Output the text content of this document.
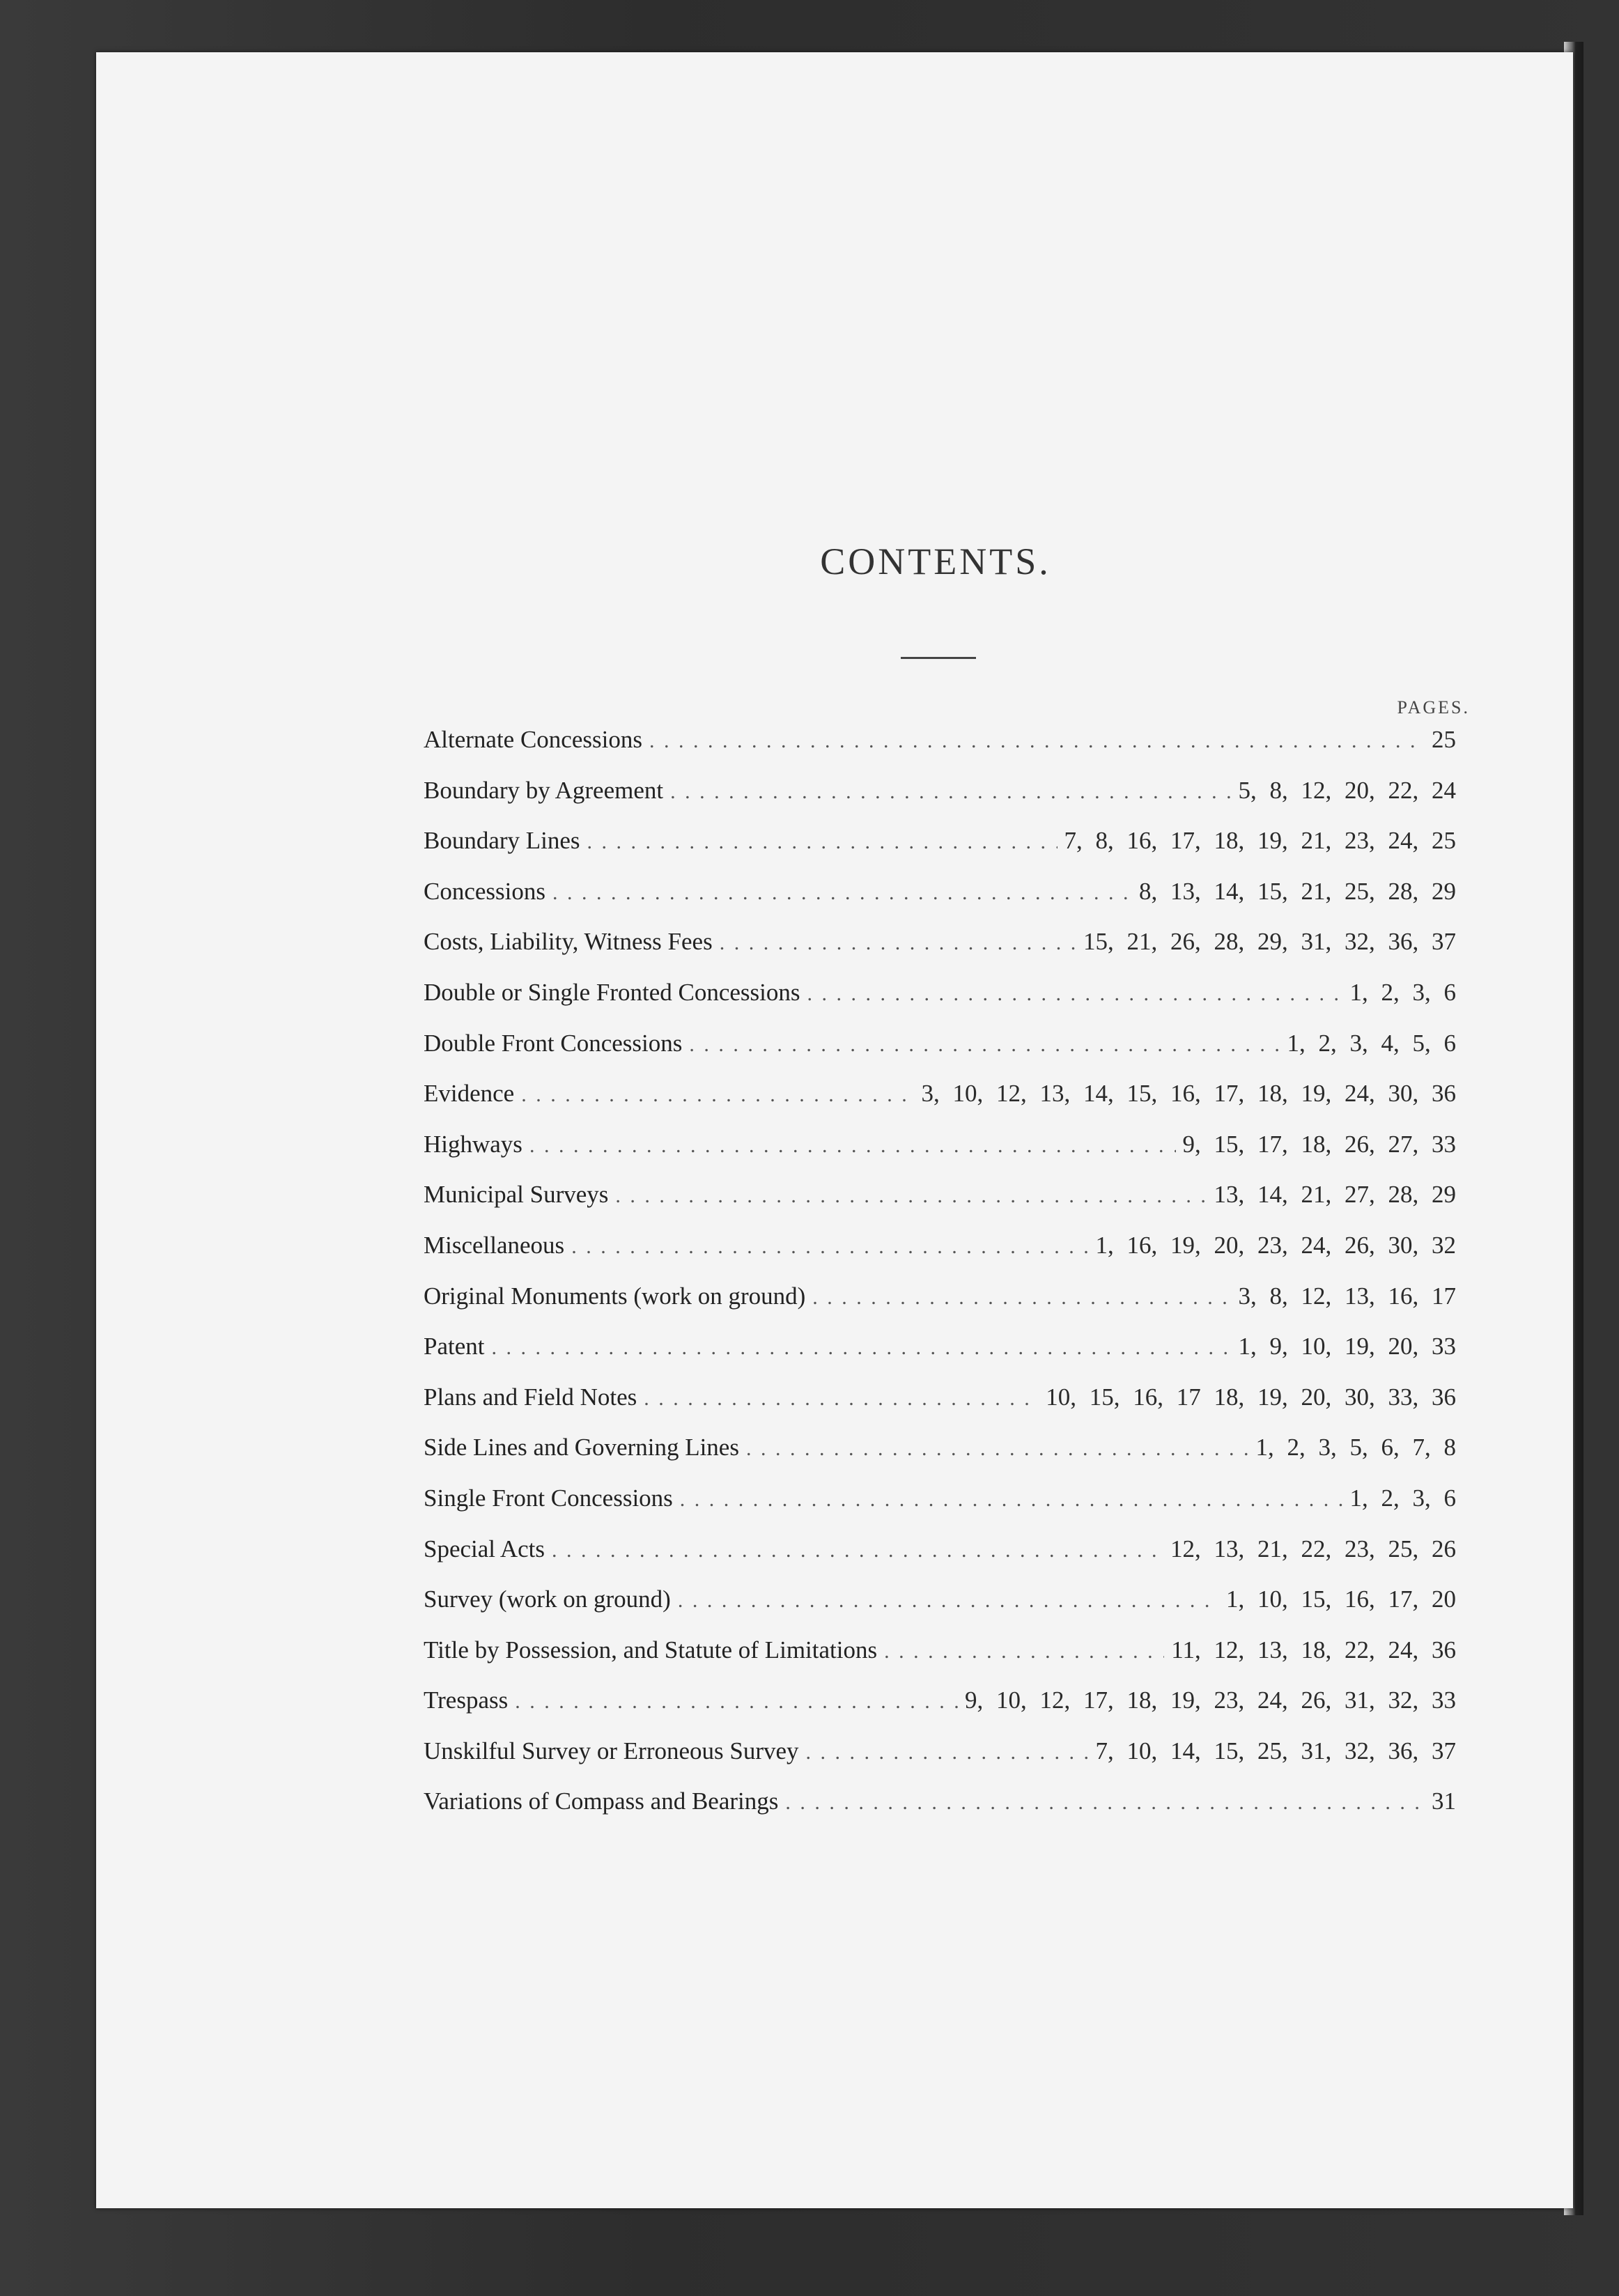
CONTENTS.
PAGES.
Alternate Concessions . . .	25
Boundary by Agreement . . .	5, 8, 12, 20, 22, 24
Boundary Lines . . .	7, 8, 16, 17, 18, 19, 21, 23, 24, 25
Concessions . . .	8, 13, 14, 15, 21, 25, 28, 29
Costs, Liability, Witness Fees . . .	15, 21, 26, 28, 29, 31, 32, 36, 37
Double or Single Fronted Concessions . . .	1, 2, 3, 6
Double Front Concessions . . .	1, 2, 3, 4, 5, 6
Evidence . . .	3, 10, 12, 13, 14, 15, 16, 17, 18, 19, 24, 30, 36
Highways . . .	9, 15, 17, 18, 26, 27, 33
Municipal Surveys . . .	13, 14, 21, 27, 28, 29
Miscellaneous . . .	1, 16, 19, 20, 23, 24, 26, 30, 32
Original Monuments (work on ground) . . .	3, 8, 12, 13, 16, 17
Patent . . .	1, 9, 10, 19, 20, 33
Plans and Field Notes . . .	10, 15, 16, 17 18, 19, 20, 30, 33, 36
Side Lines and Governing Lines . . .	1, 2, 3, 5, 6, 7, 8
Single Front Concessions . . .	1, 2, 3, 6
Special Acts . . .	12, 13, 21, 22, 23, 25, 26
Survey (work on ground) . . .	1, 10, 15, 16, 17, 20
Title by Possession, and Statute of Limitations . . .	11, 12, 13, 18, 22, 24, 36
Trespass . . .	9, 10, 12, 17, 18, 19, 23, 24, 26, 31, 32, 33
Unskilful Survey or Erroneous Survey . . .	7, 10, 14, 15, 25, 31, 32, 36, 37
Variations of Compass and Bearings . . .	31
